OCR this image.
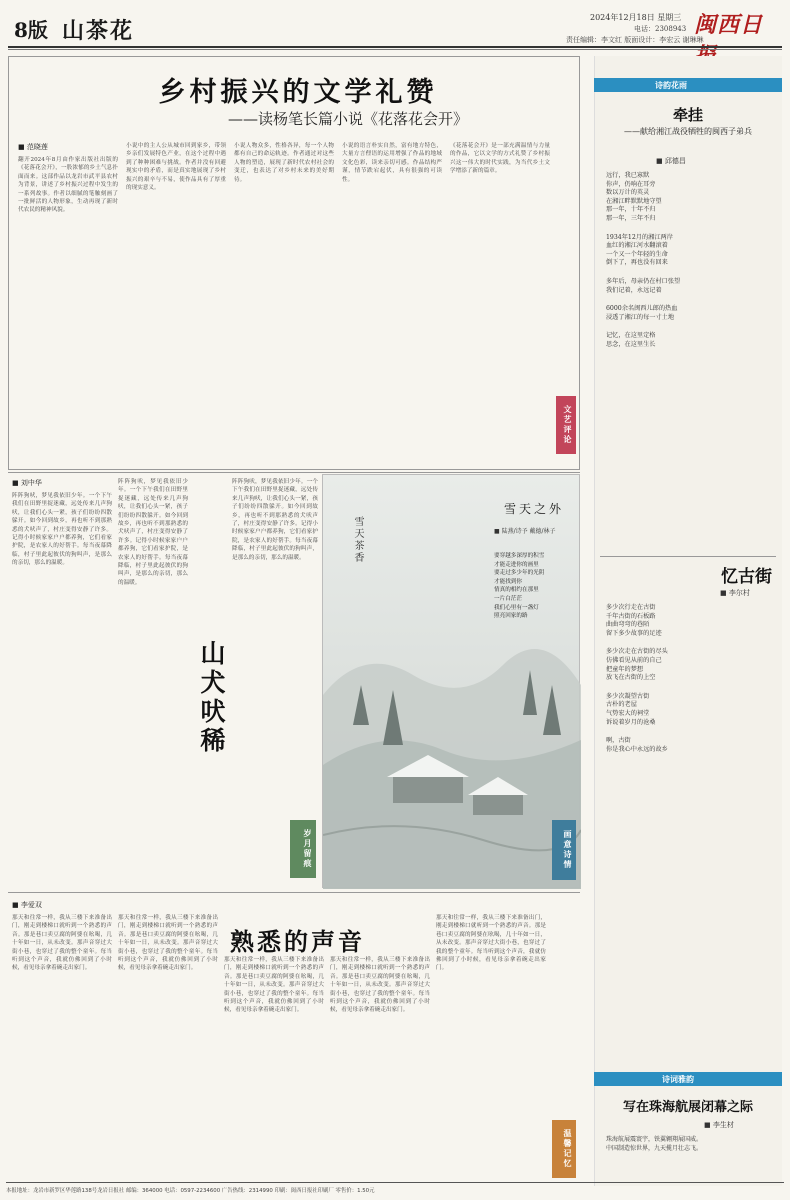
8版 山茶花
2024年12月18日 星期三
电话：2308943
责任编辑：李文红 版面设计：李宏云 谢琳琳
闽西日
乡村振兴的文学礼赞
——读杨笔长篇小说《花落花会开》
■ 范晓莲
翻开2024年8月由作家出版社出版的《花落花会开》，一股浓郁的乡土气息扑面而来。这部作品以龙岩市武平县农村为背景，讲述了乡村振兴过程中发生的一系列故事。作者以细腻的笔触刻画了一批鲜活的人物形象，生动再现了新时代农民的精神风貌。
小说中的主人公从城市回到家乡，带领乡亲们发展特色产业，在这个过程中遇到了种种困难与挑战。作者并没有回避现实中的矛盾，而是真实地展现了乡村振兴的艰辛与不易，使作品具有了厚重的现实意义。
小说人物众多，性格各异，每一个人物都有自己的命运轨迹。作者通过对这些人物的塑造，展现了新时代农村社会的变迁，也表达了对乡村未来的美好期待。
小说的语言朴实自然，富有地方特色，大量方言俚语的运用增强了作品的地域文化色彩，读来亲切可感。作品结构严谨，情节跌宕起伏，具有很强的可读性。
《花落花会开》是一部充满温情与力量的作品，它以文学的方式礼赞了乡村振兴这一伟大的时代实践，为当代乡土文学增添了新的篇章。
文艺评论
诗韵花雨
牵挂
——献给湘江战役牺牲的闽西子弟兵
■ 邱德昌
远行，我已寡默
你声，仍响在耳旁
数以万计的英灵
在湘江畔默默地守望
那一年，十年不归
那一年，三年不归
1934年12月的湘江两岸
血红的湘江河水翻滚着
一个又一个年轻的生命
倒下了，再也没有回来
多年后，母亲仍在村口张望
我们记着，永远记着
6000余名闽西儿郎的热血
浸透了湘江的每一寸土地
记忆，在这里定格
思念，在这里生长
忆古街
■ 李尔村
多少次行走在古街
千年古街的石板路
曲曲弯弯的巷陌
留下多少故事的足迹
多少次走在古街的尽头
仿佛看见从前的自己
把童年的梦想
放飞在古街的上空
多少次凝望古街
古朴的老屋
气势宏大的祠堂
诉说着岁月的沧桑
啊，古街
你是我心中永远的故乡
诗词雅韵
写在珠海航展闭幕之际
■ 李生材
珠海航展震寰宇，铁翼翱翔展国威。
中国制造惊世界，九天揽月壮志飞。
■ 刘中华
阵阵狗吠，梦见我依旧少年。一个下午我们在田野里捉迷藏，远处传来几声狗吠，让我们心头一紧，孩子们纷纷四散躲开。如今回到故乡，再也听不到那熟悉的犬吠声了，村庄变得安静了许多。记得小时候家家户户都养狗，它们看家护院，是农家人的好帮手。每当夜幕降临，村子里此起彼伏的狗叫声，是那么的亲切，那么的温暖。
阵阵狗吠，梦见我依旧少年。一个下午我们在田野里捉迷藏，远处传来几声狗吠，让我们心头一紧，孩子们纷纷四散躲开。如今回到故乡，再也听不到那熟悉的犬吠声了，村庄变得安静了许多。记得小时候家家户户都养狗，它们看家护院，是农家人的好帮手。每当夜幕降临，村子里此起彼伏的狗叫声，是那么的亲切，那么的温暖。
山犬吠稀
阵阵狗吠，梦见我依旧少年。一个下午我们在田野里捉迷藏，远处传来几声狗吠，让我们心头一紧，孩子们纷纷四散躲开。如今回到故乡，再也听不到那熟悉的犬吠声了，村庄变得安静了许多。记得小时候家家户户都养狗，它们看家护院，是农家人的好帮手。每当夜幕降临，村子里此起彼伏的狗叫声，是那么的亲切，那么的温暖。
岁月留痕
雪天茶香
雪天之外
■ 陆燕/诗予 戴德/林子
要穿越多深厚的积雪
才能走进你的画里
要走过多少年的光阴
才能找到你
情真的相约在那里
一片白茫茫
我们心里有一盏灯
照亮回家的路
画意诗情
■ 李爱双
熟悉的声音
那天和往常一样，我从三楼下来准备出门，刚走到楼梯口就听到一个熟悉的声音。那是巷口卖豆腐的阿婆在吆喝，几十年如一日，从未改变。那声音穿过大街小巷，也穿过了我的整个童年。每当听到这个声音，我就仿佛回到了小时候，看见母亲拿着碗走出家门。
那天和往常一样，我从三楼下来准备出门，刚走到楼梯口就听到一个熟悉的声音。那是巷口卖豆腐的阿婆在吆喝，几十年如一日，从未改变。那声音穿过大街小巷，也穿过了我的整个童年。每当听到这个声音，我就仿佛回到了小时候，看见母亲拿着碗走出家门。
那天和往常一样，我从三楼下来准备出门，刚走到楼梯口就听到一个熟悉的声音。那是巷口卖豆腐的阿婆在吆喝，几十年如一日，从未改变。那声音穿过大街小巷，也穿过了我的整个童年。每当听到这个声音，我就仿佛回到了小时候，看见母亲拿着碗走出家门。
那天和往常一样，我从三楼下来准备出门，刚走到楼梯口就听到一个熟悉的声音。那是巷口卖豆腐的阿婆在吆喝，几十年如一日，从未改变。那声音穿过大街小巷，也穿过了我的整个童年。每当听到这个声音，我就仿佛回到了小时候，看见母亲拿着碗走出家门。
那天和往常一样，我从三楼下来准备出门，刚走到楼梯口就听到一个熟悉的声音。那是巷口卖豆腐的阿婆在吆喝，几十年如一日，从未改变。那声音穿过大街小巷，也穿过了我的整个童年。每当听到这个声音，我就仿佛回到了小时候，看见母亲拿着碗走出家门。
温馨记忆
本报地址：龙岩市新罗区华莲路138号龙岩日报社 邮编：364000 电话：0597-2234600 广告热线：2314990 印刷：闽西日报社印刷厂 零售价：1.50元
